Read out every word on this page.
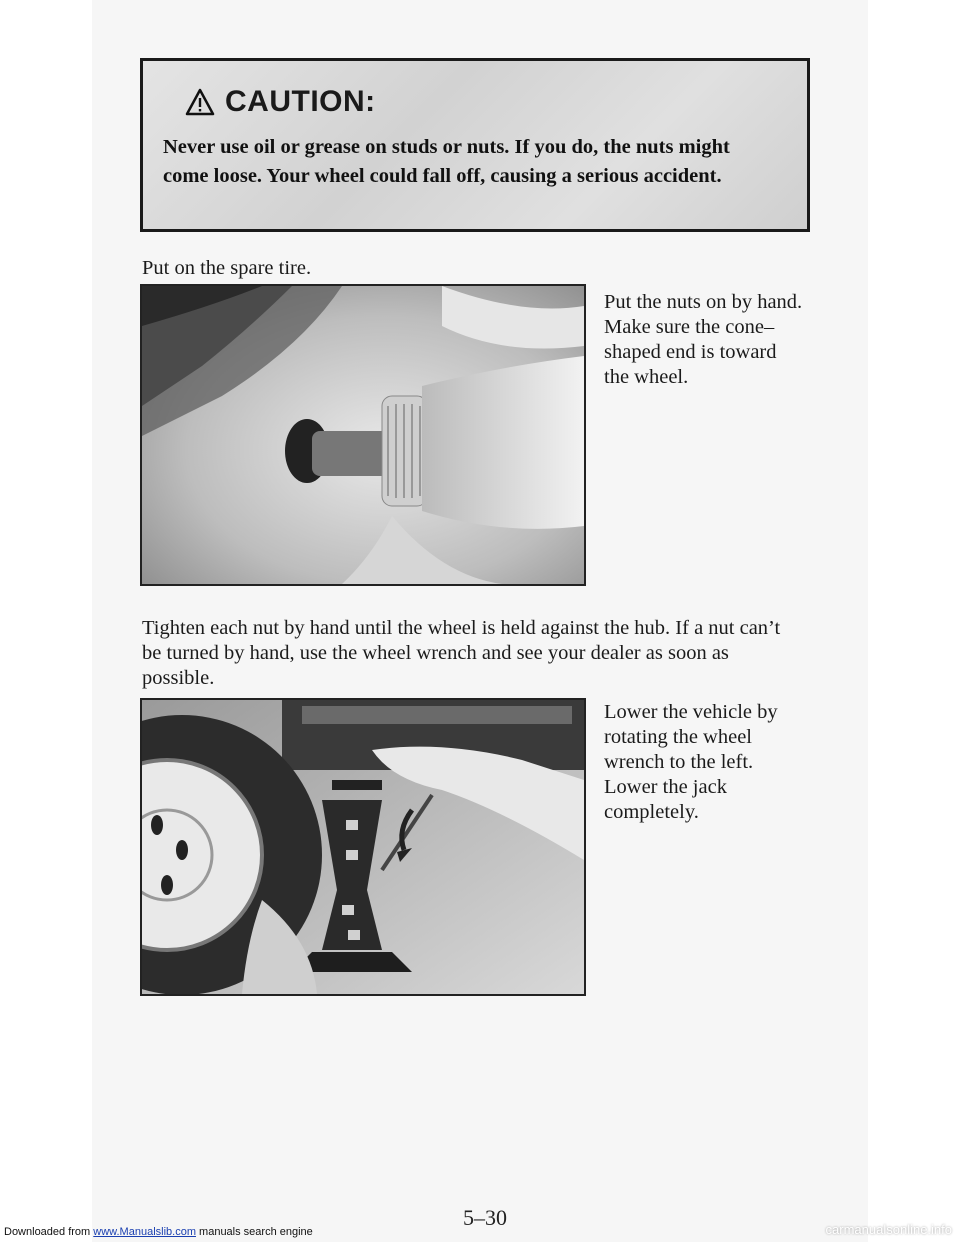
CAUTION:
Never use oil or grease on studs or nuts. If you do, the nuts might come loose. Your wheel could fall off, causing a serious accident.
Put on the spare tire.
Put the nuts on by hand. Make sure the cone–shaped end is toward the wheel.
Tighten each nut by hand until the wheel is held against the hub. If a nut can’t be turned by hand, use the wheel wrench and see your dealer as soon as possible.
Lower the vehicle by rotating the wheel wrench to the left. Lower the jack completely.
5–30
Downloaded from www.Manualslib.com manuals search engine	carmanualsonline.info
